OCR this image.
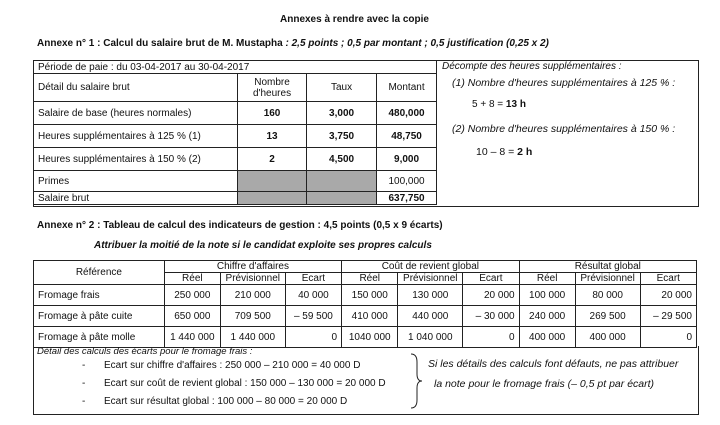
Annexes à rendre avec la copie
Annexe n° 1 : Calcul du salaire brut de M. Mustapha : 2,5 points ; 0,5 par montant ; 0,5 justification (0,25 x 2)
Période de paie : du 03-04-2017 au 30-04-2017			
Détail du salaire brut	Nombre d'heures	Taux	Montant
Salaire de base (heures normales)	160	3,000	480,000
Heures supplémentaires à 125 % (1)	13	3,750	48,750
Heures supplémentaires à 150 % (2)	2	4,500	9,000
Primes			100,000
Salaire brut			637,750
Décompte des heures supplémentaires :
(1) Nombre d'heures supplémentaires à 125 % :
5 + 8 = 13 h
(2) Nombre d'heures supplémentaires à 150 % :
10 – 8 = 2 h
Annexe n° 2 : Tableau de calcul des indicateurs de gestion : 4,5 points (0,5 x 9 écarts)
Attribuer la moitié de la note si le candidat exploite ses propres calculs
Référence	Chiffre d'affaires			Coût de revient global			Résultat global		
	Réel	Prévisionnel	Ecart	Réel	Prévisionnel	Ecart	Réel	Prévisionnel	Ecart
Fromage frais	250 000	210 000	40 000	150 000	130 000	20 000	100 000	80 000	20 000
Fromage à pâte cuite	650 000	709 500	– 59 500	410 000	440 000	– 30 000	240 000	269 500	– 29 500
Fromage à pâte molle	1 440 000	1 440 000	0	1040 000	1 040 000	0	400 000	400 000	0
Détail des calculs des écarts pour le fromage frais :
- Ecart sur chiffre d'affaires : 250 000 – 210 000 = 40 000 D
- Ecart sur coût de revient global : 150 000 – 130 000 = 20 000 D
- Ecart sur résultat global : 100 000 – 80 000 = 20 000 D
Si les détails des calculs font défauts, ne pas attribuer
la note pour le fromage frais (– 0,5 pt par écart)
